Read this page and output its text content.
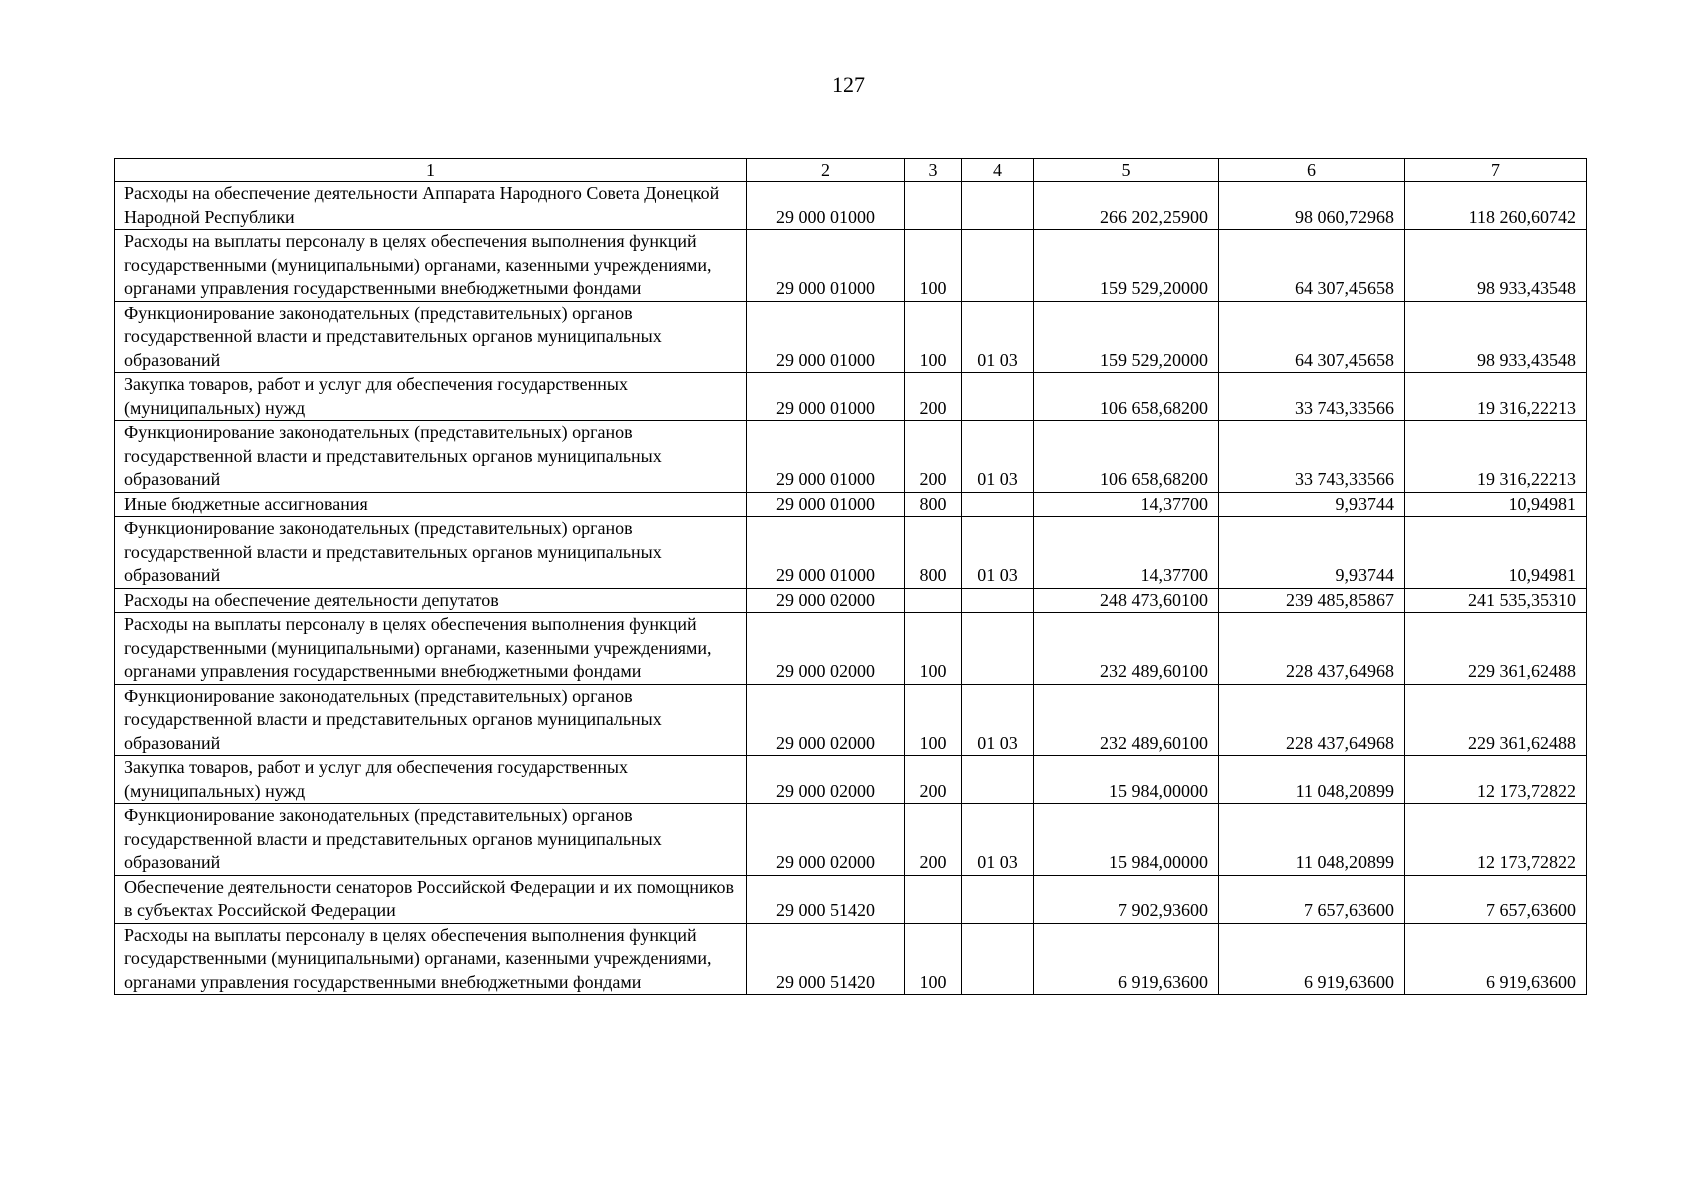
127
1	2	3	4	5	6	7
Расходы на обеспечение деятельности Аппарата Народного Совета Донецкой Народной Республики	29 000 01000			266 202,25900	98 060,72968	118 260,60742
Расходы на выплаты персоналу в целях обеспечения выполнения функций государственными (муниципальными) органами, казенными учреждениями, органами управления государственными внебюджетными фондами	29 000 01000	100		159 529,20000	64 307,45658	98 933,43548
Функционирование законодательных (представительных) органов государственной власти и представительных органов муниципальных образований	29 000 01000	100	01 03	159 529,20000	64 307,45658	98 933,43548
Закупка товаров, работ и услуг для обеспечения государственных (муниципальных) нужд	29 000 01000	200		106 658,68200	33 743,33566	19 316,22213
Функционирование законодательных (представительных) органов государственной власти и представительных органов муниципальных образований	29 000 01000	200	01 03	106 658,68200	33 743,33566	19 316,22213
Иные бюджетные ассигнования	29 000 01000	800		14,37700	9,93744	10,94981
Функционирование законодательных (представительных) органов государственной власти и представительных органов муниципальных образований	29 000 01000	800	01 03	14,37700	9,93744	10,94981
Расходы на обеспечение деятельности депутатов	29 000 02000			248 473,60100	239 485,85867	241 535,35310
Расходы на выплаты персоналу в целях обеспечения выполнения функций государственными (муниципальными) органами, казенными учреждениями, органами управления государственными внебюджетными фондами	29 000 02000	100		232 489,60100	228 437,64968	229 361,62488
Функционирование законодательных (представительных) органов государственной власти и представительных органов муниципальных образований	29 000 02000	100	01 03	232 489,60100	228 437,64968	229 361,62488
Закупка товаров, работ и услуг для обеспечения государственных (муниципальных) нужд	29 000 02000	200		15 984,00000	11 048,20899	12 173,72822
Функционирование законодательных (представительных) органов государственной власти и представительных органов муниципальных образований	29 000 02000	200	01 03	15 984,00000	11 048,20899	12 173,72822
Обеспечение деятельности сенаторов Российской Федерации и их помощников в субъектах Российской Федерации	29 000 51420			7 902,93600	7 657,63600	7 657,63600
Расходы на выплаты персоналу в целях обеспечения выполнения функций государственными (муниципальными) органами, казенными учреждениями, органами управления государственными внебюджетными фондами	29 000 51420	100		6 919,63600	6 919,63600	6 919,63600
